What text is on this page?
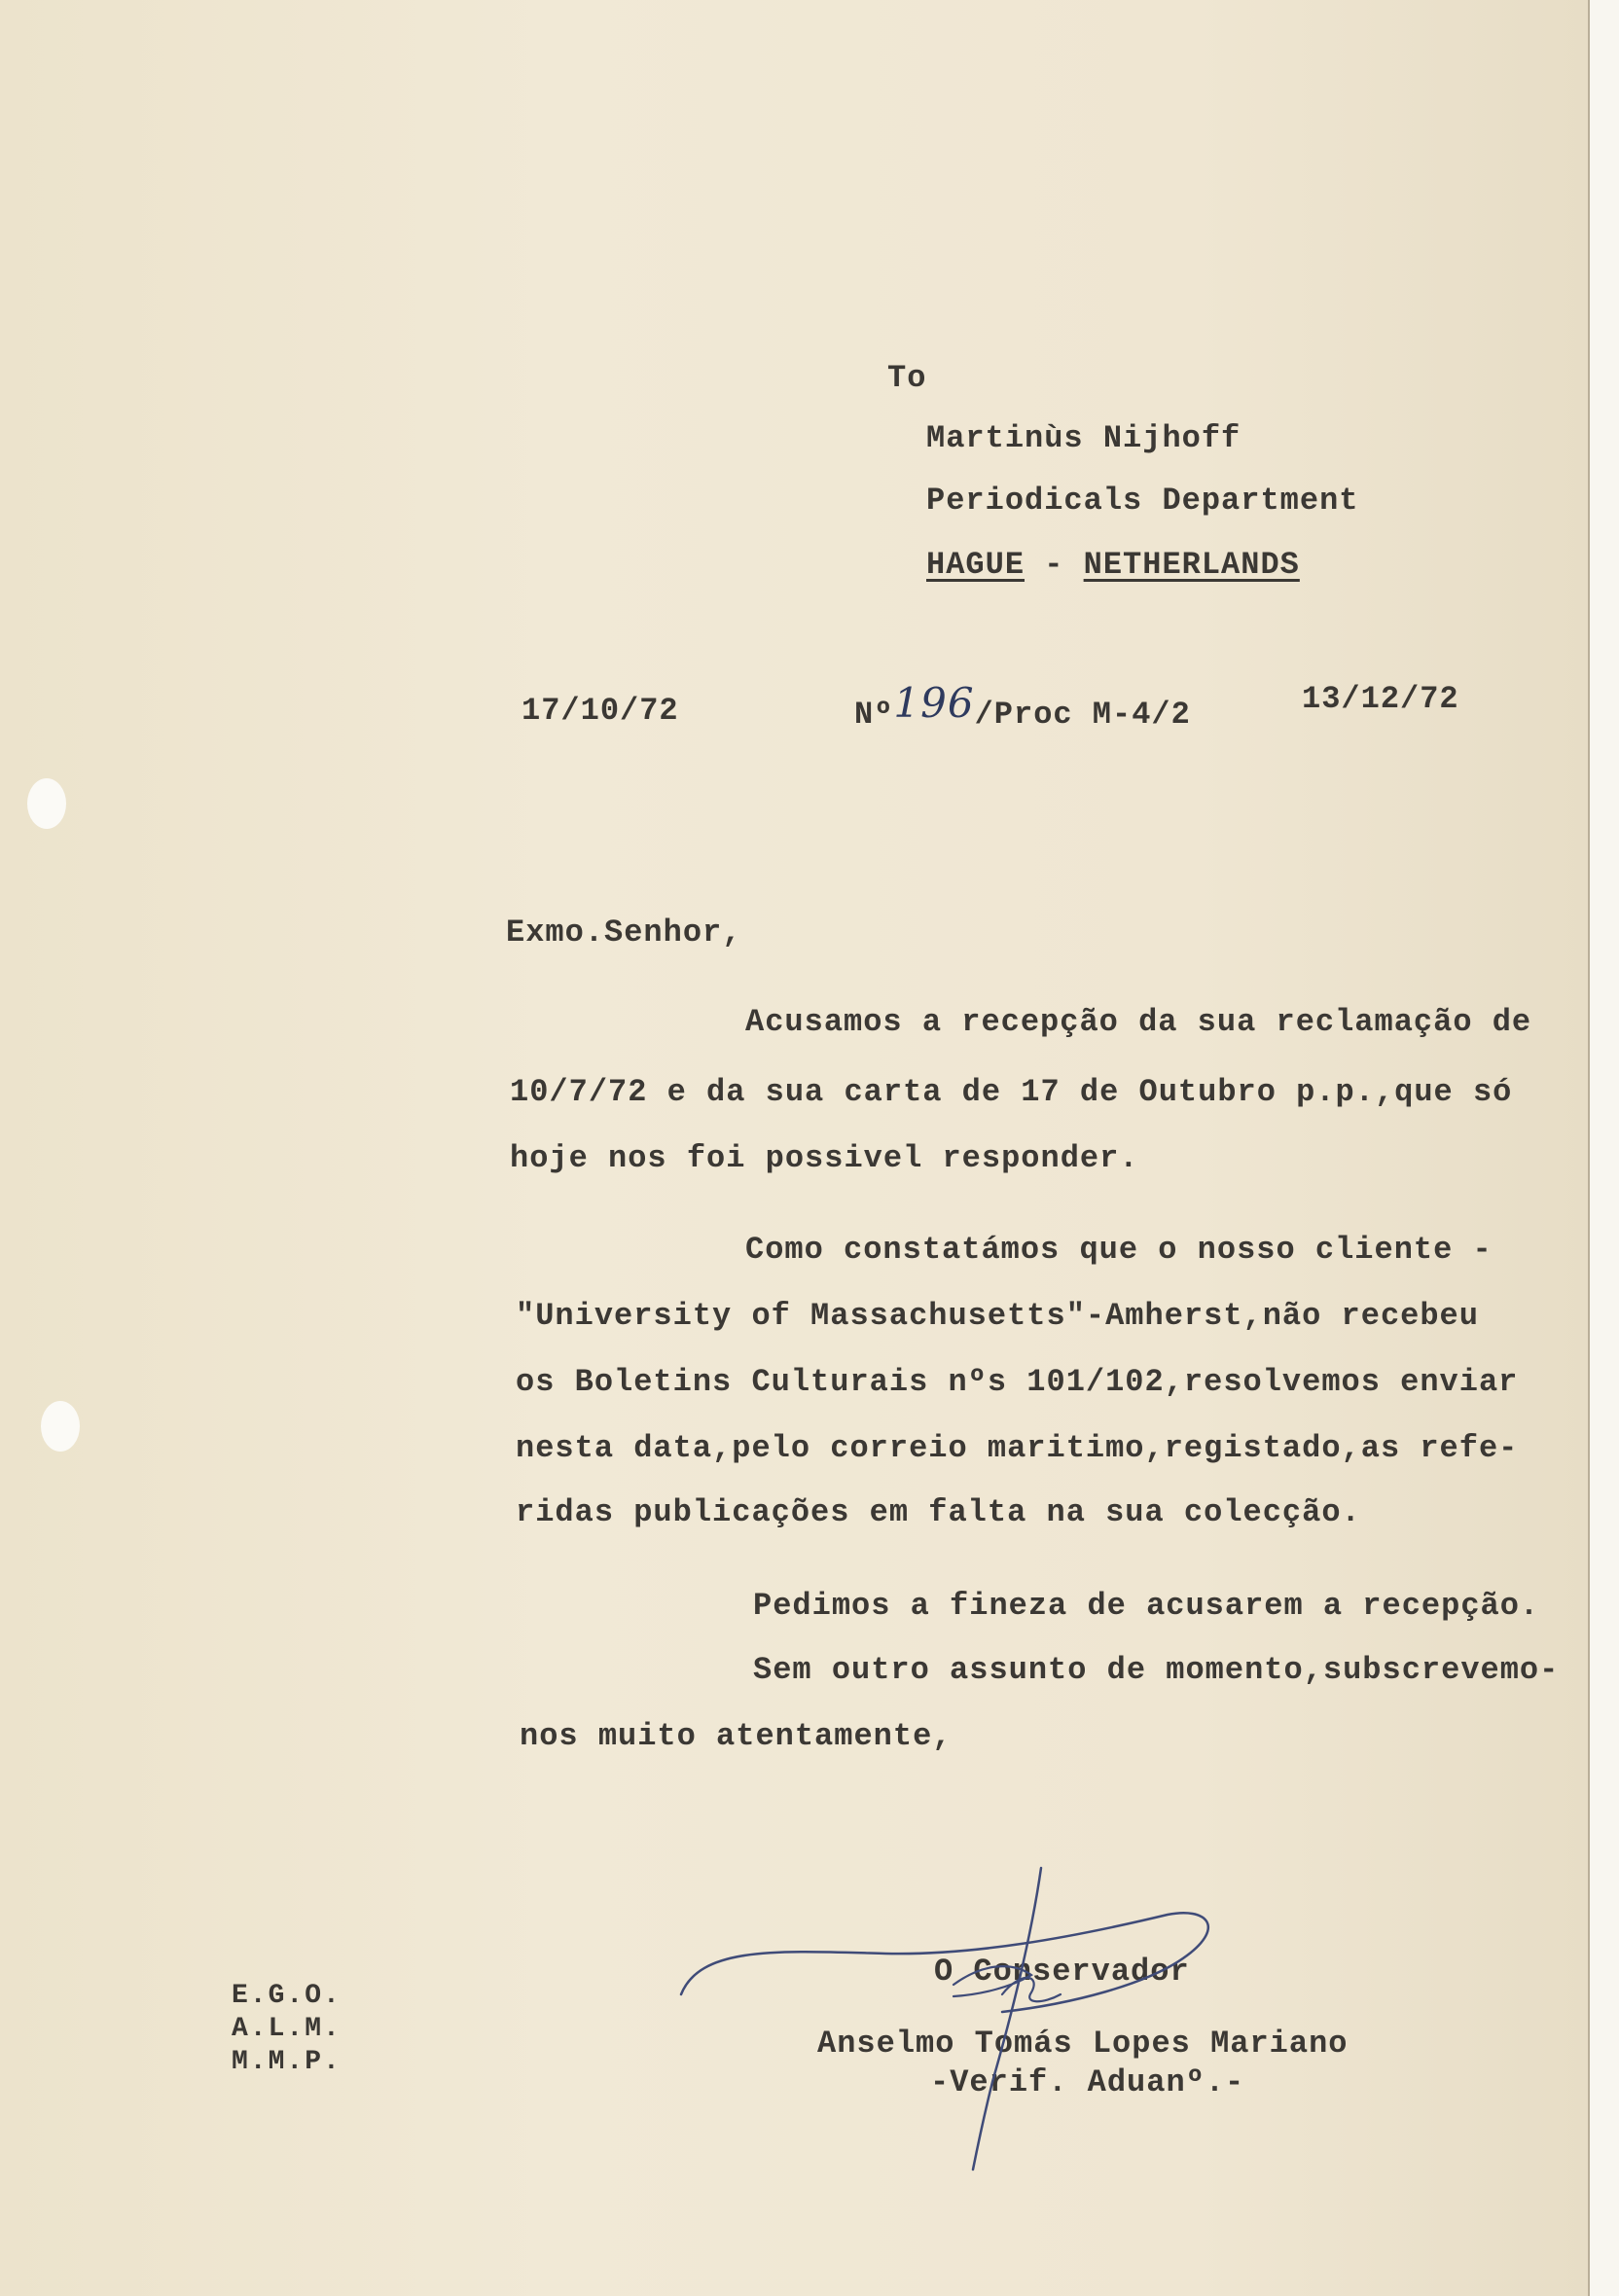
To
Martinùs Nijhoff
Periodicals Department
HAGUE - NETHERLANDS
17/10/72	Nº196/Proc M-4/2	13/12/72
Exmo.Senhor,
Acusamos a recepção da sua reclamação de
10/7/72 e da sua carta de 17 de Outubro p.p.,que só
hoje nos foi possivel responder.
Como constatámos que o nosso cliente -
"University of Massachusetts"-Amherst,não recebeu
os Boletins Culturais nºs 101/102,resolvemos enviar
nesta data,pelo correio maritimo,registado,as refe-
ridas publicações em falta na sua colecção.
Pedimos a fineza de acusarem a recepção.
Sem outro assunto de momento,subscrevemo-
nos muito atentamente,
E.G.O.
A.L.M.
M.M.P.
O Conservador
Anselmo Tomás Lopes Mariano
-Verif. Aduanº.-
